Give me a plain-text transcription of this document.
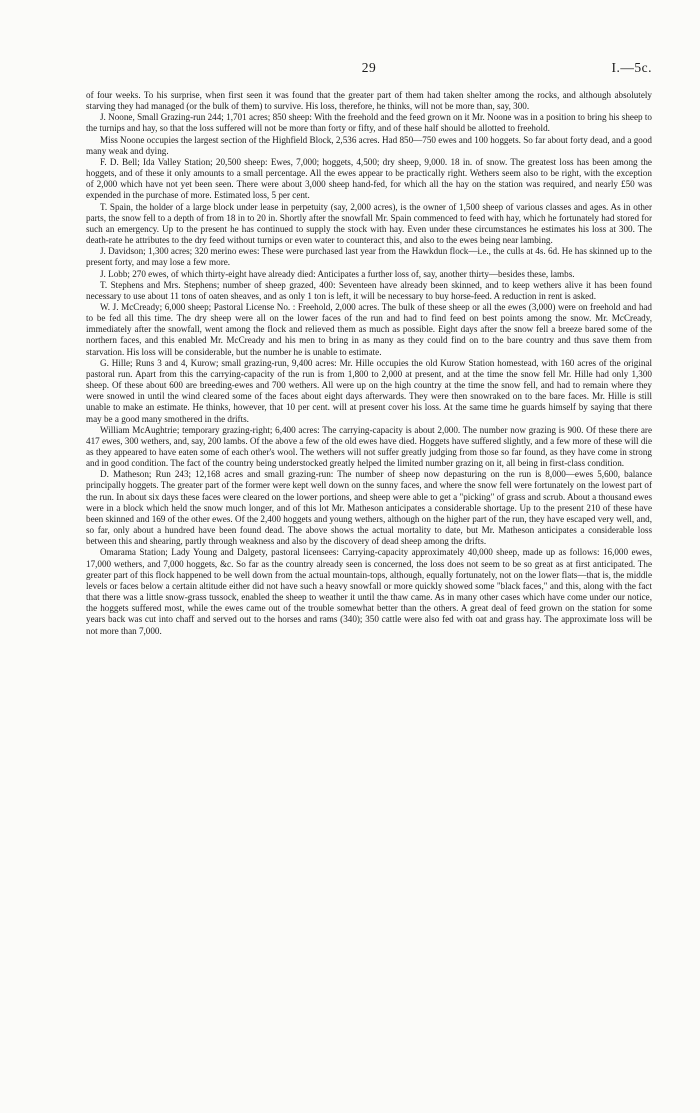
29	I.—5c.

of four weeks. To his surprise, when first seen it was found that the greater part of them had taken shelter among the rocks, and although absolutely starving they had managed (or the bulk of them) to survive. His loss, therefore, he thinks, will not be more than, say, 300.

J. Noone, Small Grazing-run 244; 1,701 acres; 850 sheep: With the freehold and the feed grown on it Mr. Noone was in a position to bring his sheep to the turnips and hay, so that the loss suffered will not be more than forty or fifty, and of these half should be allotted to freehold.

Miss Noone occupies the largest section of the Highfield Block, 2,536 acres. Had 850—750 ewes and 100 hoggets. So far about forty dead, and a good many weak and dying.

F. D. Bell; Ida Valley Station; 20,500 sheep: Ewes, 7,000; hoggets, 4,500; dry sheep, 9,000. 18 in. of snow. The greatest loss has been among the hoggets, and of these it only amounts to a small percentage. All the ewes appear to be practically right. Wethers seem also to be right, with the exception of 2,000 which have not yet been seen. There were about 3,000 sheep hand-fed, for which all the hay on the station was required, and nearly £50 was expended in the purchase of more. Estimated loss, 5 per cent.

T. Spain, the holder of a large block under lease in perpetuity (say, 2,000 acres), is the owner of 1,500 sheep of various classes and ages. As in other parts, the snow fell to a depth of from 18 in to 20 in. Shortly after the snowfall Mr. Spain commenced to feed with hay, which he fortunately had stored for such an emergency. Up to the present he has continued to supply the stock with hay. Even under these circumstances he estimates his loss at 300. The death-rate he attributes to the dry feed without turnips or even water to counteract this, and also to the ewes being near lambing.

J. Davidson; 1,300 acres; 320 merino ewes: These were purchased last year from the Hawkdun flock—i.e., the culls at 4s. 6d. He has skinned up to the present forty, and may lose a few more.

J. Lobb; 270 ewes, of which thirty-eight have already died: Anticipates a further loss of, say, another thirty—besides these, lambs.

T. Stephens and Mrs. Stephens; number of sheep grazed, 400: Seventeen have already been skinned, and to keep wethers alive it has been found necessary to use about 11 tons of oaten sheaves, and as only 1 ton is left, it will be necessary to buy horse-feed. A reduction in rent is asked.

W. J. McCready; 6,000 sheep; Pastoral License No. : Freehold, 2,000 acres. The bulk of these sheep or all the ewes (3,000) were on freehold and had to be fed all this time. The dry sheep were all on the lower faces of the run and had to find feed on best points among the snow. Mr. McCready, immediately after the snowfall, went among the flock and relieved them as much as possible. Eight days after the snow fell a breeze bared some of the northern faces, and this enabled Mr. McCready and his men to bring in as many as they could find on to the bare country and thus save them from starvation. His loss will be considerable, but the number he is unable to estimate.

G. Hille; Runs 3 and 4, Kurow; small grazing-run, 9,400 acres: Mr. Hille occupies the old Kurow Station homestead, with 160 acres of the original pastoral run. Apart from this the carrying-capacity of the run is from 1,800 to 2,000 at present, and at the time the snow fell Mr. Hille had only 1,300 sheep. Of these about 600 are breeding-ewes and 700 wethers. All were up on the high country at the time the snow fell, and had to remain where they were snowed in until the wind cleared some of the faces about eight days afterwards. They were then snowraked on to the bare faces. Mr. Hille is still unable to make an estimate. He thinks, however, that 10 per cent. will at present cover his loss. At the same time he guards himself by saying that there may be a good many smothered in the drifts.

William McAughtrie; temporary grazing-right; 6,400 acres: The carrying-capacity is about 2,000. The number now grazing is 900. Of these there are 417 ewes, 300 wethers, and, say, 200 lambs. Of the above a few of the old ewes have died. Hoggets have suffered slightly, and a few more of these will die as they appeared to have eaten some of each other's wool. The wethers will not suffer greatly judging from those so far found, as they have come in strong and in good condition. The fact of the country being understocked greatly helped the limited number grazing on it, all being in first-class condition.

D. Matheson; Run 243; 12,168 acres and small grazing-run: The number of sheep now depasturing on the run is 8,000—ewes 5,600, balance principally hoggets. The greater part of the former were kept well down on the sunny faces, and where the snow fell were fortunately on the lowest part of the run. In about six days these faces were cleared on the lower portions, and sheep were able to get a "picking" of grass and scrub. About a thousand ewes were in a block which held the snow much longer, and of this lot Mr. Matheson anticipates a considerable shortage. Up to the present 210 of these have been skinned and 169 of the other ewes. Of the 2,400 hoggets and young wethers, although on the higher part of the run, they have escaped very well, and, so far, only about a hundred have been found dead. The above shows the actual mortality to date, but Mr. Matheson anticipates a considerable loss between this and shearing, partly through weakness and also by the discovery of dead sheep among the drifts.

Omarama Station; Lady Young and Dalgety, pastoral licensees: Carrying-capacity approximately 40,000 sheep, made up as follows: 16,000 ewes, 17,000 wethers, and 7,000 hoggets, &c. So far as the country already seen is concerned, the loss does not seem to be so great as at first anticipated. The greater part of this flock happened to be well down from the actual mountain-tops, although, equally fortunately, not on the lower flats—that is, the middle levels or faces below a certain altitude either did not have such a heavy snowfall or more quickly showed some "black faces," and this, along with the fact that there was a little snow-grass tussock, enabled the sheep to weather it until the thaw came. As in many other cases which have come under our notice, the hoggets suffered most, while the ewes came out of the trouble somewhat better than the others. A great deal of feed grown on the station for some years back was cut into chaff and served out to the horses and rams (340); 350 cattle were also fed with oat and grass hay. The approximate loss will be not more than 7,000.
